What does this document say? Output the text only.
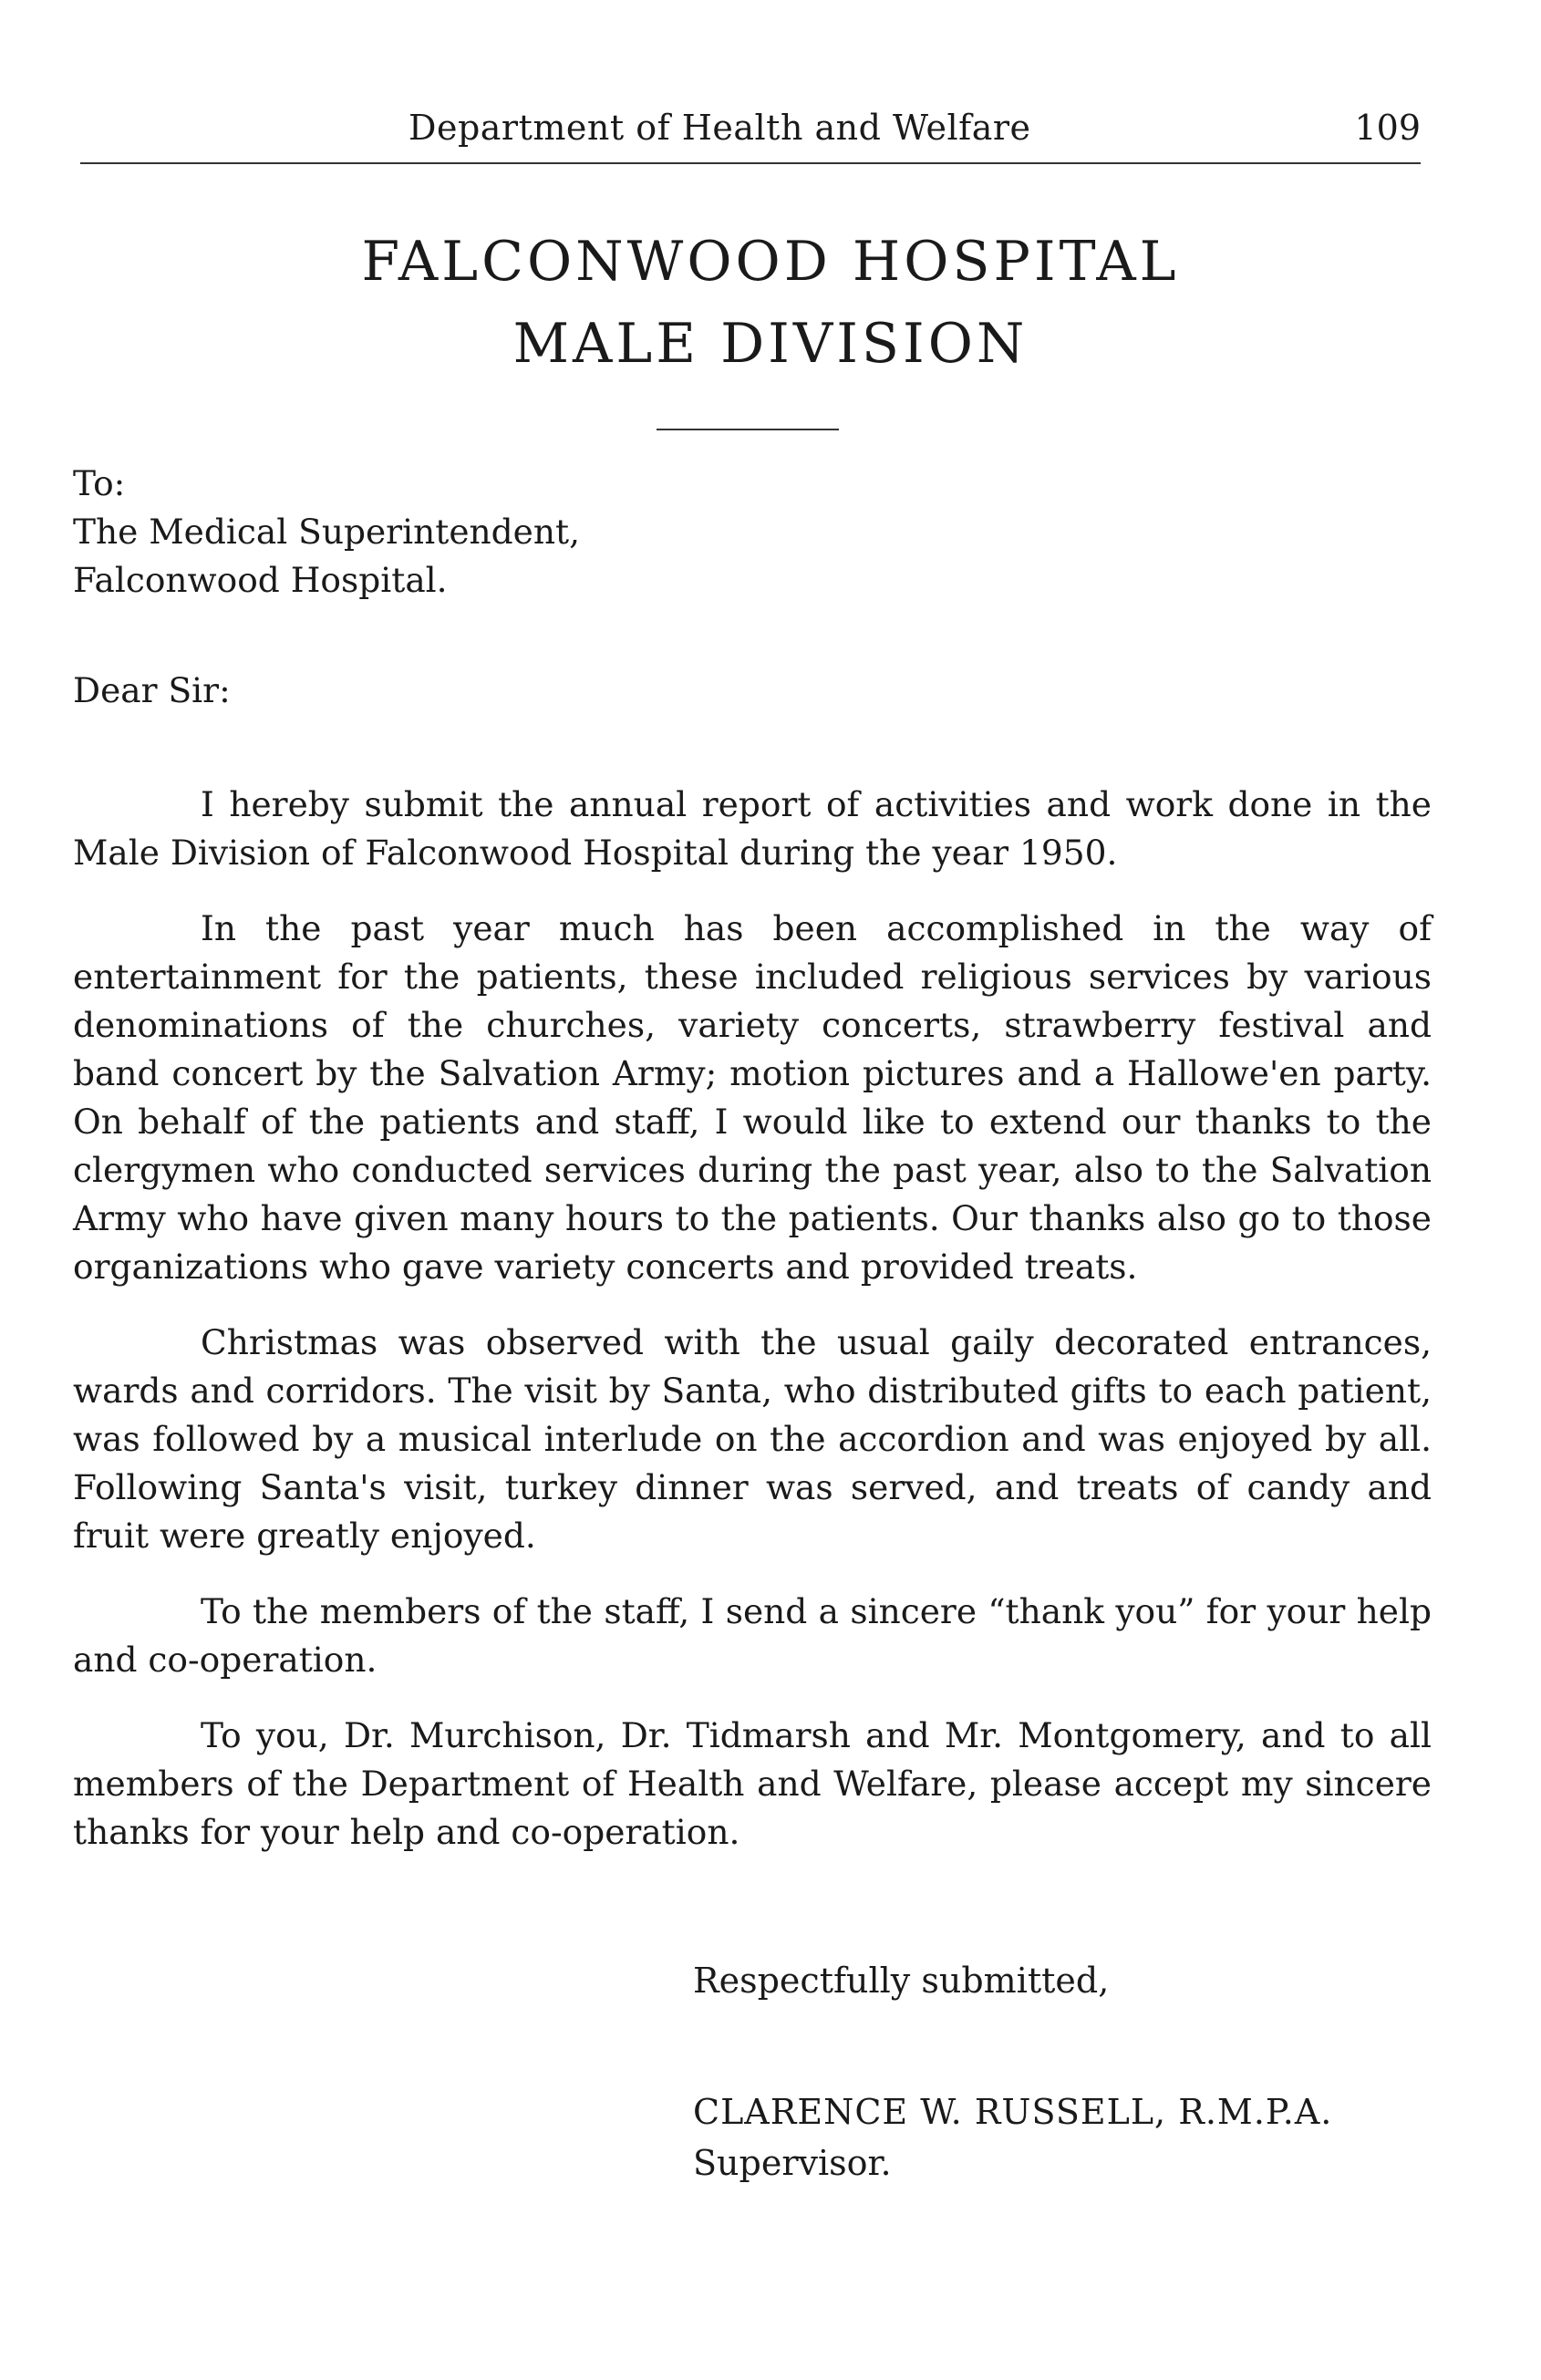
Department of Health and Welfare	109
FALCONWOOD HOSPITAL
MALE DIVISION

To:

The Medical Superintendent,

Falconwood Hospital.

Dear Sir:

I hereby submit the annual report of activities and work done in the Male Division of Falconwood Hospital during the year 1950.

In the past year much has been accomplished in the way of entertainment for the patients, these included religious services by various denominations of the churches, variety concerts, strawberry festival and band concert by the Salvation Army; motion pictures and a Hallowe'en party. On behalf of the patients and staff, I would like to extend our thanks to the clergymen who conducted services during the past year, also to the Salvation Army who have given many hours to the patients. Our thanks also go to those organizations who gave variety concerts and provided treats.

Christmas was observed with the usual gaily decorated entrances, wards and corridors. The visit by Santa, who distributed gifts to each patient, was followed by a musical interlude on the accordion and was enjoyed by all. Following Santa's visit, turkey dinner was served, and treats of candy and fruit were greatly enjoyed.

To the members of the staff, I send a sincere “thank you” for your help and co-operation.

To you, Dr. Murchison, Dr. Tidmarsh and Mr. Montgomery, and to all members of the Department of Health and Welfare, please accept my sincere thanks for your help and co-operation.

Respectfully submitted,
CLARENCE W. RUSSELL, R.M.P.A.
Supervisor.
